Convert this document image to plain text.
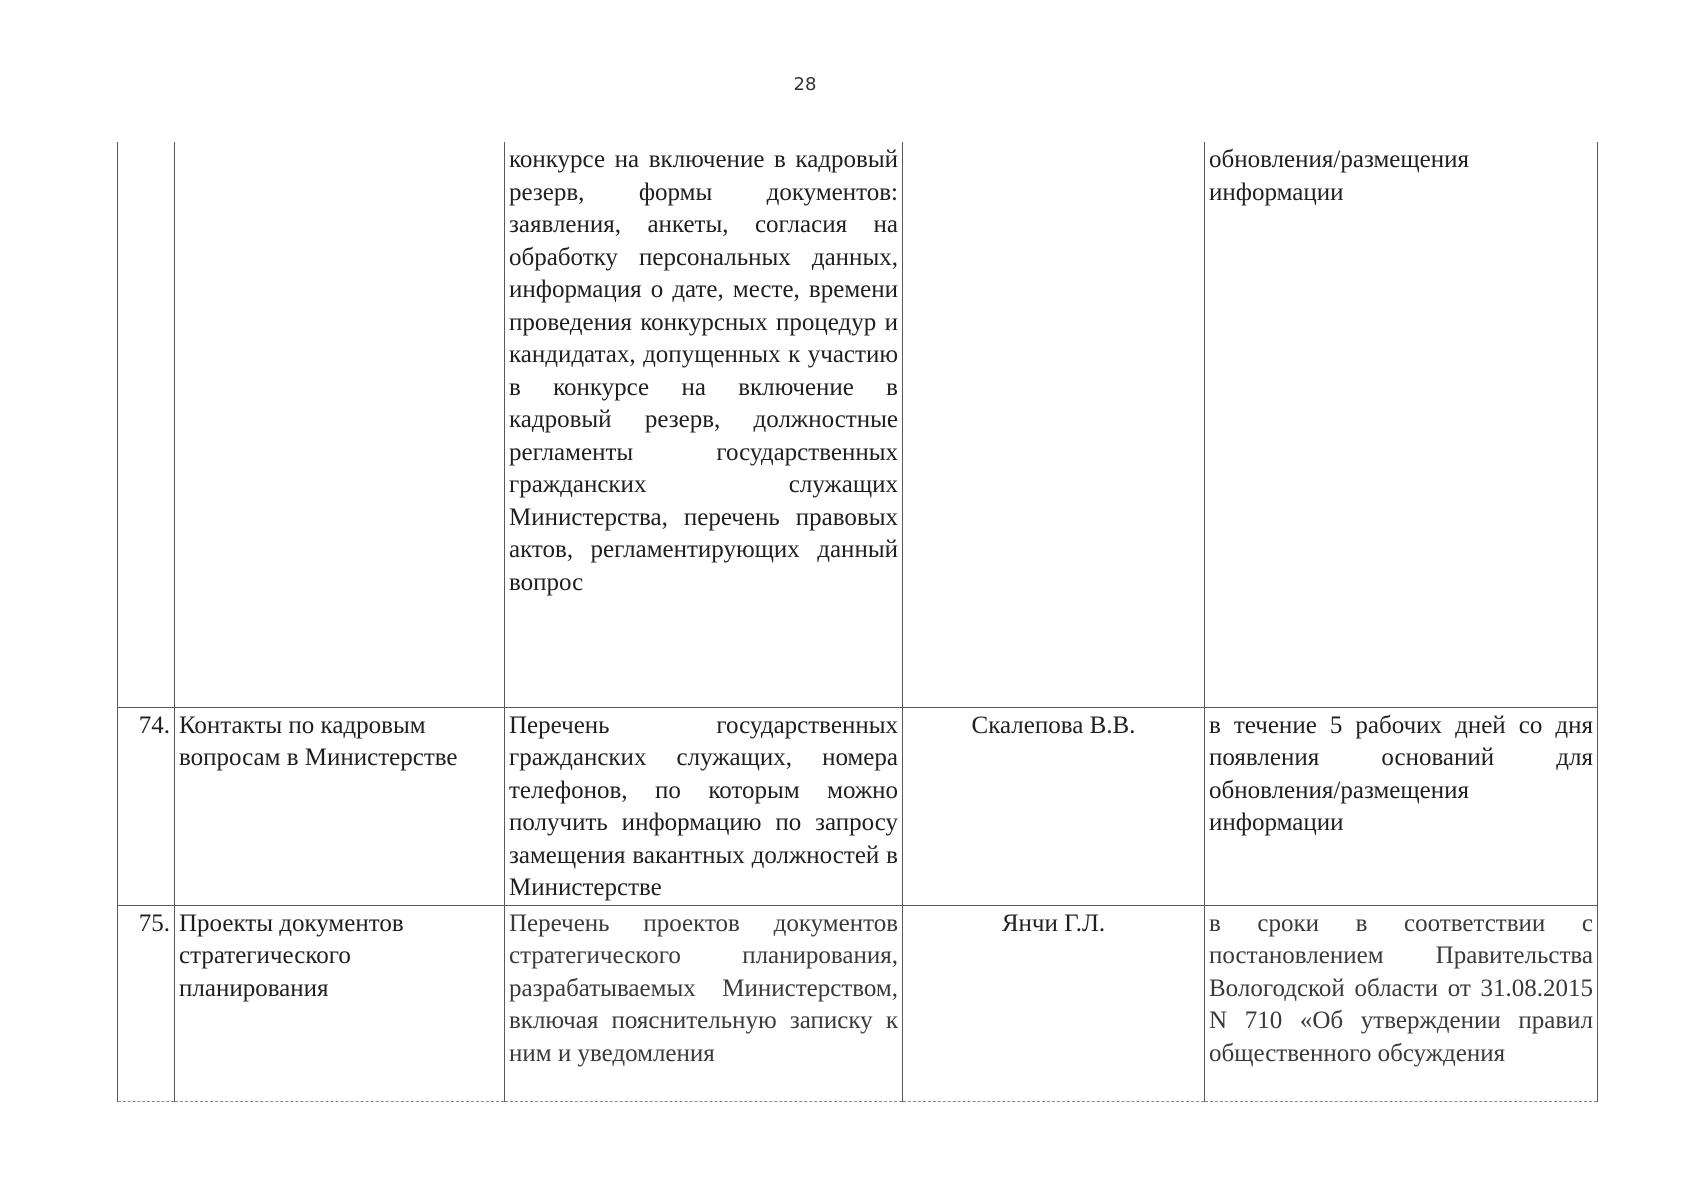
28
		конкурсе на включение в кадровый резерв, формы документов: заявления, анкеты, согласия на обработку персональных данных, информация о дате, месте, времени проведения конкурсных процедур и кандидатах, допущенных к участию в конкурсе на включение в кадровый резерв, должностные регламенты государственных гражданских служащих Министерства, перечень правовых актов, регламентирующих данный вопрос		обновления/размещения информации
74.	Контакты по кадровым вопросам в Министерстве	Перечень государственных гражданских служащих, номера телефонов, по которым можно получить информацию по запросу замещения вакантных должностей в Министерстве	Скалепова В.В.	в течение 5 рабочих дней со дня появления оснований для обновления/размещения информации
75.	Проекты документов стратегического планирования	Перечень проектов документов стратегического планирования, разрабатываемых Министерством, включая пояснительную записку к ним и уведомления	Янчи Г.Л.	в сроки в соответствии с постановлением Правительства Вологодской области от 31.08.2015 N 710 «Об утверждении правил общественного обсуждения
